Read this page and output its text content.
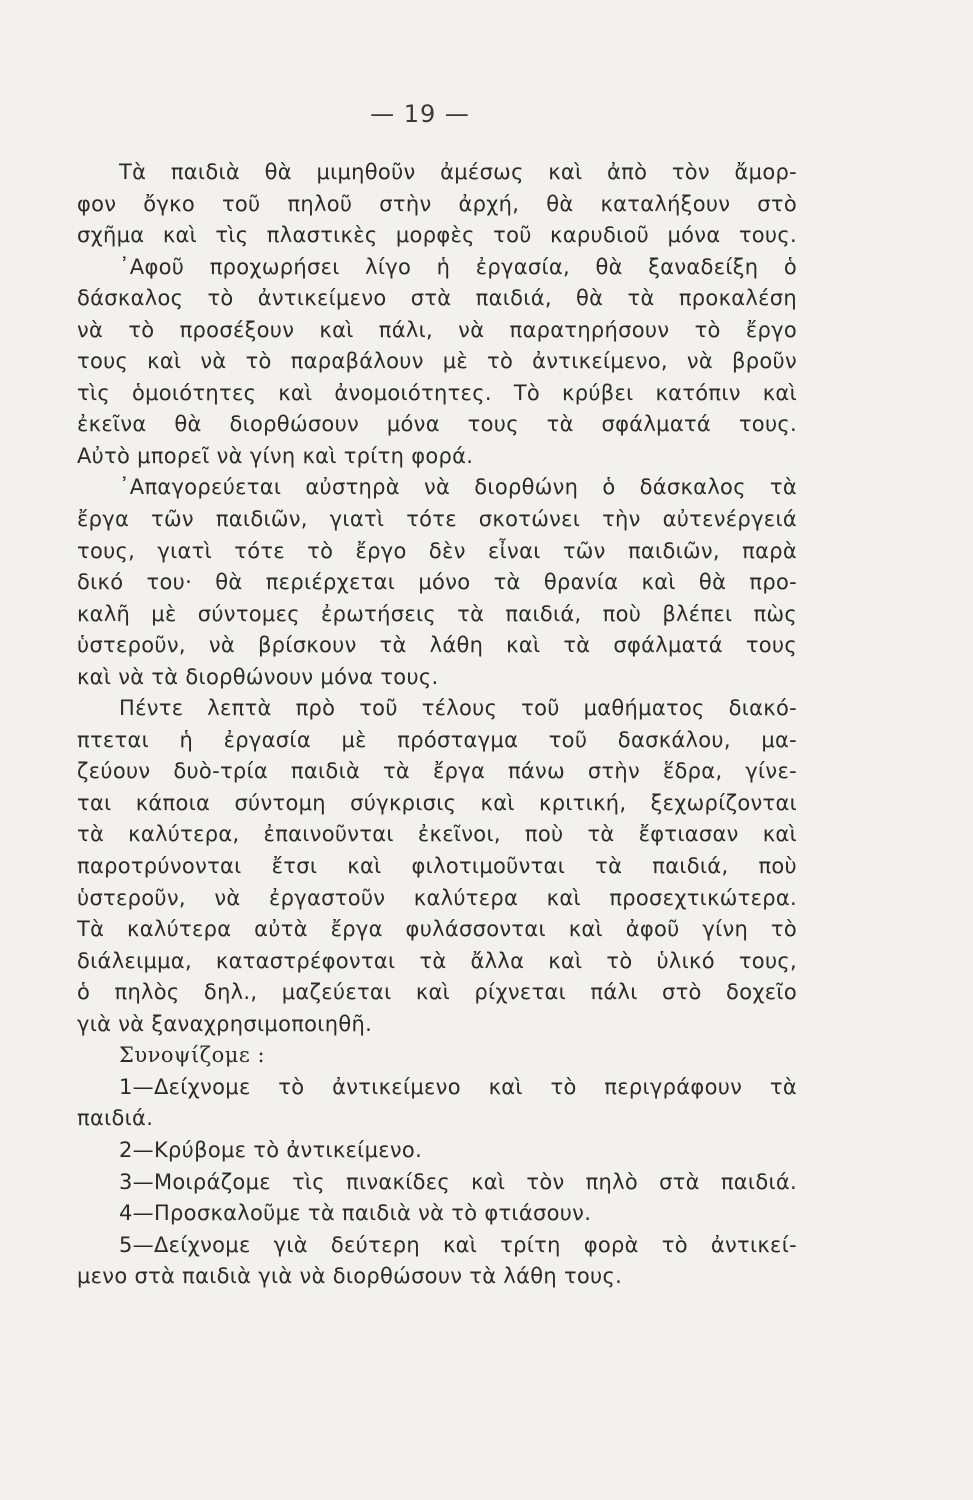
— 19 —
Τὰ παιδιὰ θὰ μιμηθοῦν ἀμέσως καὶ ἀπὸ τὸν ἄμορ-
φον ὄγκο τοῦ πηλοῦ στὴν ἀρχή, θὰ καταλήξουν στὸ
σχῆμα καὶ τὶς πλαστικὲς μορφὲς τοῦ καρυδιοῦ μόνα τους.
᾿Αφοῦ προχωρήσει λίγο ἡ ἐργασία, θὰ ξαναδείξη ὁ
δάσκαλος τὸ ἀντικείμενο στὰ παιδιά, θὰ τὰ προκαλέση
νὰ τὸ προσέξουν καὶ πάλι, νὰ παρατηρήσουν τὸ ἔργο
τους καὶ νὰ τὸ παραβάλουν μὲ τὸ ἀντικείμενο, νὰ βροῦν
τὶς ὁμοιότητες καὶ ἀνομοιότητες. Τὸ κρύβει κατόπιν καὶ
ἐκεῖνα θὰ διορθώσουν μόνα τους τὰ σφάλματά τους.
Αὐτὸ μπορεῖ νὰ γίνη καὶ τρίτη φορά.
᾿Απαγορεύεται αὐστηρὰ νὰ διορθώνη ὁ δάσκαλος τὰ
ἔργα τῶν παιδιῶν, γιατὶ τότε σκοτώνει τὴν αὐτενέργειά
τους, γιατὶ τότε τὸ ἔργο δὲν εἶναι τῶν παιδιῶν, παρὰ
δικό του· θὰ περιέρχεται μόνο τὰ θρανία καὶ θὰ προ-
καλῆ μὲ σύντομες ἐρωτήσεις τὰ παιδιά, ποὺ βλέπει πὼς
ὑστεροῦν, νὰ βρίσκουν τὰ λάθη καὶ τὰ σφάλματά τους
καὶ νὰ τὰ διορθώνουν μόνα τους.
Πέντε λεπτὰ πρὸ τοῦ τέλους τοῦ μαθήματος διακό-
πτεται ἡ ἐργασία μὲ πρόσταγμα τοῦ δασκάλου, μα-
ζεύουν δυὸ-τρία παιδιὰ τὰ ἔργα πάνω στὴν ἕδρα, γίνε-
ται κάποια σύντομη σύγκρισις καὶ κριτική, ξεχωρίζονται
τὰ καλύτερα, ἐπαινοῦνται ἐκεῖνοι, ποὺ τὰ ἔφτιασαν καὶ
παροτρύνονται ἔτσι καὶ φιλοτιμοῦνται τὰ παιδιά, ποὺ
ὑστεροῦν, νὰ ἐργαστοῦν καλύτερα καὶ προσεχτικώτερα.
Τὰ καλύτερα αὐτὰ ἔργα φυλάσσονται καὶ ἀφοῦ γίνη τὸ
διάλειμμα, καταστρέφονται τὰ ἄλλα καὶ τὸ ὑλικό τους,
ὁ πηλὸς δηλ., μαζεύεται καὶ ρίχνεται πάλι στὸ δοχεῖο
γιὰ νὰ ξαναχρησιμοποιηθῆ.
Συνοψίζομε :
1—Δείχνομε τὸ ἀντικείμενο καὶ τὸ περιγράφουν τὰ
παιδιά.
2—Κρύβομε τὸ ἀντικείμενο.
3—Μοιράζομε τὶς πινακίδες καὶ τὸν πηλὸ στὰ παιδιά.
4—Προσκαλοῦμε τὰ παιδιὰ νὰ τὸ φτιάσουν.
5—Δείχνομε γιὰ δεύτερη καὶ τρίτη φορὰ τὸ ἀντικεί-
μενο στὰ παιδιὰ γιὰ νὰ διορθώσουν τὰ λάθη τους.
